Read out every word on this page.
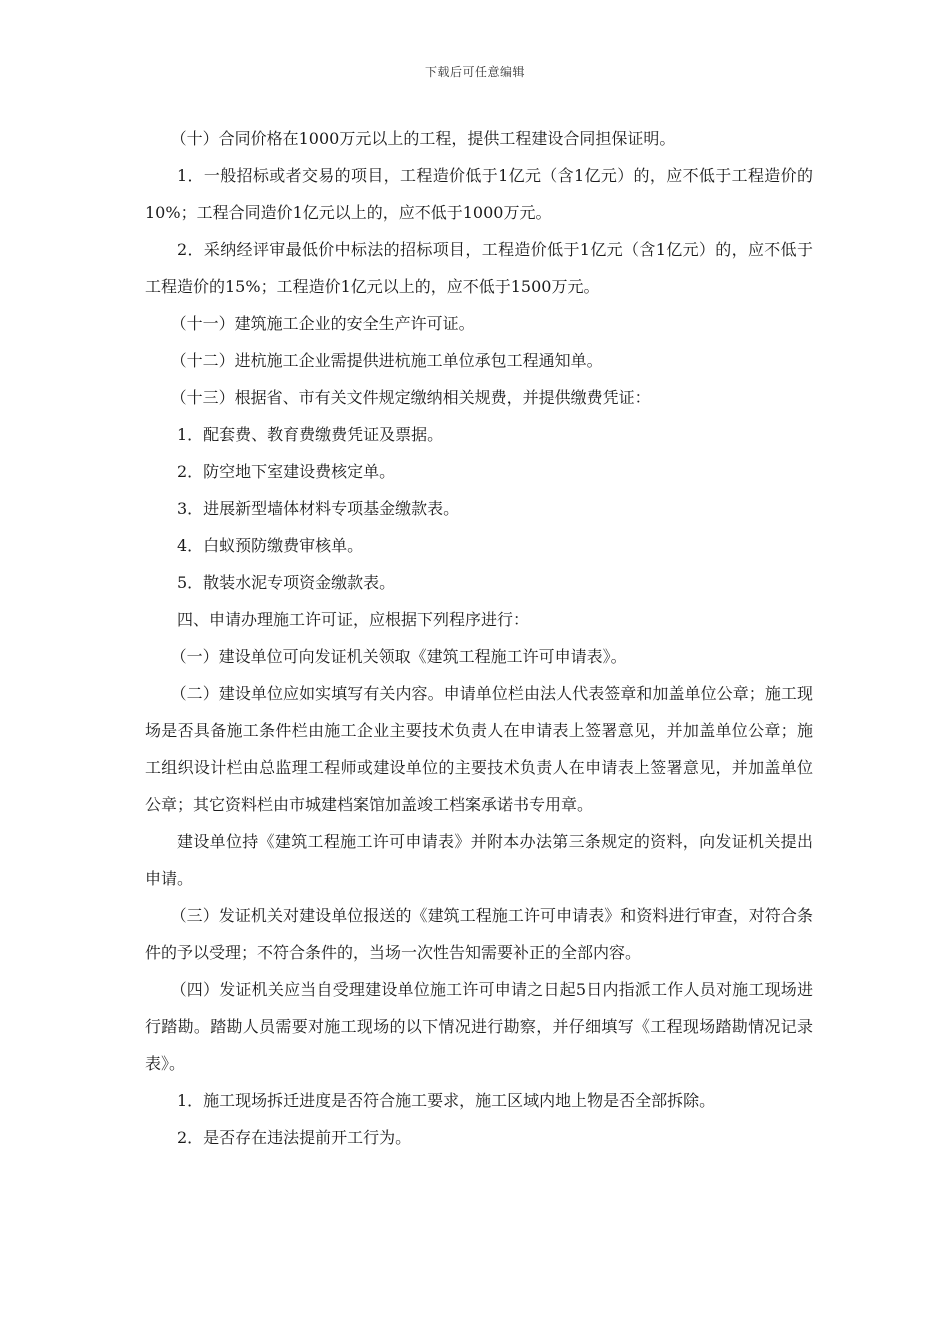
下载后可任意编辑

（十）合同价格在1000万元以上的工程，提供工程建设合同担保证明。

1．一般招标或者交易的项目，工程造价低于1亿元（含1亿元）的，应不低于工程造价的10%；工程合同造价1亿元以上的，应不低于1000万元。

2．采纳经评审最低价中标法的招标项目，工程造价低于1亿元（含1亿元）的，应不低于工程造价的15%；工程造价1亿元以上的，应不低于1500万元。

（十一）建筑施工企业的安全生产许可证。

（十二）进杭施工企业需提供进杭施工单位承包工程通知单。

（十三）根据省、市有关文件规定缴纳相关规费，并提供缴费凭证：

1．配套费、教育费缴费凭证及票据。

2．防空地下室建设费核定单。

3．进展新型墙体材料专项基金缴款表。

4．白蚁预防缴费审核单。

5．散装水泥专项资金缴款表。

四、申请办理施工许可证，应根据下列程序进行：

（一）建设单位可向发证机关领取《建筑工程施工许可申请表》。

（二）建设单位应如实填写有关内容。申请单位栏由法人代表签章和加盖单位公章；施工现场是否具备施工条件栏由施工企业主要技术负责人在申请表上签署意见，并加盖单位公章；施工组织设计栏由总监理工程师或建设单位的主要技术负责人在申请表上签署意见，并加盖单位公章；其它资料栏由市城建档案馆加盖竣工档案承诺书专用章。

建设单位持《建筑工程施工许可申请表》并附本办法第三条规定的资料，向发证机关提出申请。

（三）发证机关对建设单位报送的《建筑工程施工许可申请表》和资料进行审查，对符合条件的予以受理；不符合条件的，当场一次性告知需要补正的全部内容。

（四）发证机关应当自受理建设单位施工许可申请之日起5日内指派工作人员对施工现场进行踏勘。踏勘人员需要对施工现场的以下情况进行勘察，并仔细填写《工程现场踏勘情况记录表》。

1．施工现场拆迁进度是否符合施工要求，施工区域内地上物是否全部拆除。

2．是否存在违法提前开工行为。
